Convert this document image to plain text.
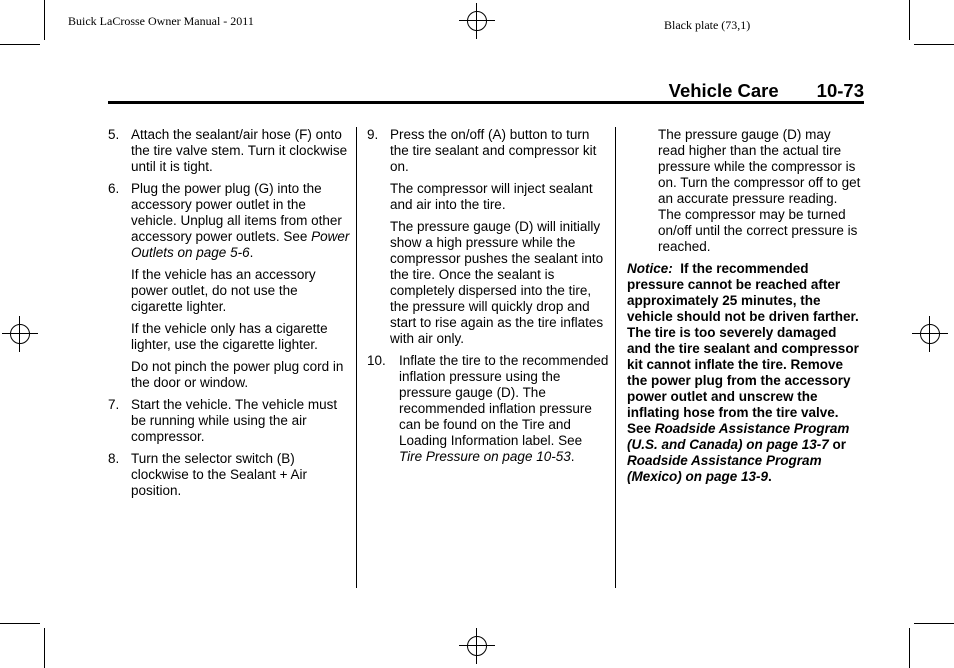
Buick LaCrosse Owner Manual - 2011	Black plate (73,1)
Vehicle Care 10-73
5. Attach the sealant/air hose (F) onto the tire valve stem. Turn it clockwise until it is tight.
6. Plug the power plug (G) into the accessory power outlet in the vehicle. Unplug all items from other accessory power outlets. See Power Outlets on page 5-6.
If the vehicle has an accessory power outlet, do not use the cigarette lighter.
If the vehicle only has a cigarette lighter, use the cigarette lighter.
Do not pinch the power plug cord in the door or window.
7. Start the vehicle. The vehicle must be running while using the air compressor.
8. Turn the selector switch (B) clockwise to the Sealant + Air position.
9. Press the on/off (A) button to turn the tire sealant and compressor kit on.
The compressor will inject sealant and air into the tire.
The pressure gauge (D) will initially show a high pressure while the compressor pushes the sealant into the tire. Once the sealant is completely dispersed into the tire, the pressure will quickly drop and start to rise again as the tire inflates with air only.
10. Inflate the tire to the recommended inflation pressure using the pressure gauge (D). The recommended inflation pressure can be found on the Tire and Loading Information label. See Tire Pressure on page 10-53.
The pressure gauge (D) may read higher than the actual tire pressure while the compressor is on. Turn the compressor off to get an accurate pressure reading. The compressor may be turned on/off until the correct pressure is reached.
Notice: If the recommended pressure cannot be reached after approximately 25 minutes, the vehicle should not be driven farther. The tire is too severely damaged and the tire sealant and compressor kit cannot inflate the tire. Remove the power plug from the accessory power outlet and unscrew the inflating hose from the tire valve. See Roadside Assistance Program (U.S. and Canada) on page 13-7 or Roadside Assistance Program (Mexico) on page 13-9.
